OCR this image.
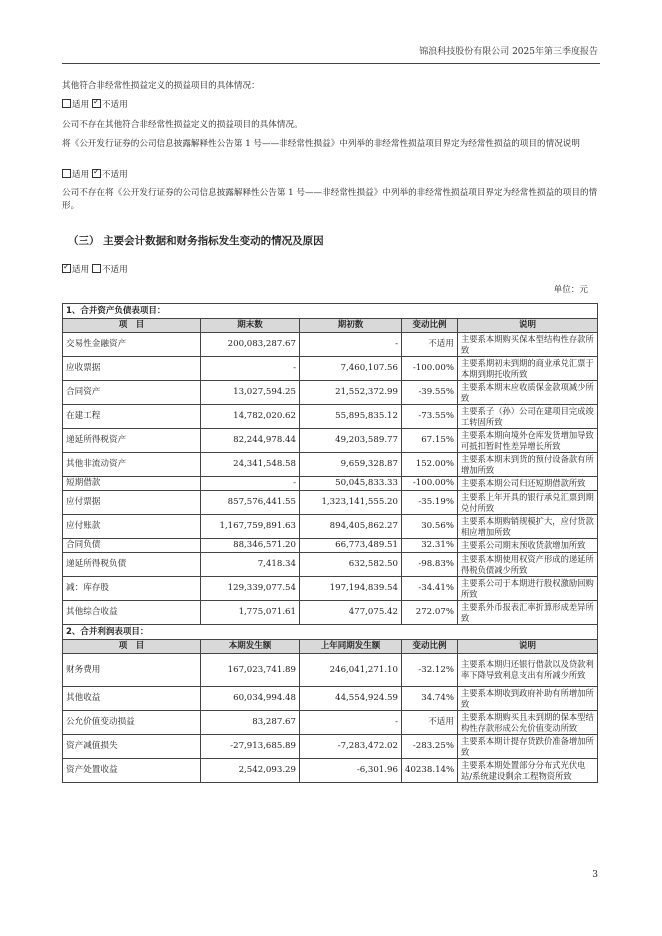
锦浪科技股份有限公司 2025年第三季度报告
其他符合非经常性损益定义的损益项目的具体情况：
适用 ✓ 不适用
公司不存在其他符合非经常性损益定义的损益项目的具体情况。
将《公开发行证券的公司信息披露解释性公告第 1 号——非经常性损益》中列举的非经常性损益项目界定为经常性损益的项目的情况说明
适用 ✓ 不适用
公司不存在将《公开发行证券的公司信息披露解释性公告第 1 号——非经常性损益》中列举的非经常性损益项目界定为经常性损益的项目的情形。
（三） 主要会计数据和财务指标发生变动的情况及原因
✓适用 不适用
单位：元
1、合并资产负债表项目：				
项　目	期末数	期初数	变动比例	说明
交易性金融资产	200,083,287.67	-	不适用	主要系本期购买保本型结构性存款所致
应收票据	-	7,460,107.56	-100.00%	主要系期初未到期的商业承兑汇票于本期到期托收所致
合同资产	13,027,594.25	21,552,372.99	-39.55%	主要系本期末应收质保金款项减少所致
在建工程	14,782,020.62	55,895,835.12	-73.55%	主要系子（孙）公司在建项目完成竣工转固所致
递延所得税资产	82,244,978.44	49,203,589.77	67.15%	主要系本期向境外仓库发货增加导致可抵扣暂时性差异增长所致
其他非流动资产	24,341,548.58	9,659,328.87	152.00%	主要系本期末到货的预付设备款有所增加所致
短期借款	-	50,045,833.33	-100.00%	主要系本期公司归还短期借款所致
应付票据	857,576,441.55	1,323,141,555.20	-35.19%	主要系上年开具的银行承兑汇票到期兑付所致
应付账款	1,167,759,891.63	894,405,862.27	30.56%	主要系本期购销规模扩大，应付货款相应增加所致
合同负债	88,346,571.20	66,773,489.51	32.31%	主要系公司期末预收货款增加所致
递延所得税负债	7,418.34	632,582.50	-98.83%	主要系本期使用权资产形成的递延所得税负债减少所致
减：库存股	129,339,077.54	197,194,839.54	-34.41%	主要系公司于本期进行股权激励回购所致
其他综合收益	1,775,071.61	477,075.42	272.07%	主要系外币报表汇率折算形成差异所致
2、合并利润表项目：				
项　目	本期发生额	上年同期发生额	变动比例	说明
财务费用	167,023,741.89	246,041,271.10	-32.12%	主要系本期归还银行借款以及贷款利率下降导致利息支出有所减少所致
其他收益	60,034,994.48	44,554,924.59	34.74%	主要系本期收到政府补助有所增加所致
公允价值变动损益	83,287.67	-	不适用	主要系本期购买且未到期的保本型结构性存款形成公允价值变动所致
资产减值损失	-27,913,685.89	-7,283,472.02	-283.25%	主要系本期计提存货跌价准备增加所致
资产处置收益	2,542,093.29	-6,301.96	40238.14%	主要系本期处置部分分布式光伏电站/系统建设剩余工程物资所致
3
